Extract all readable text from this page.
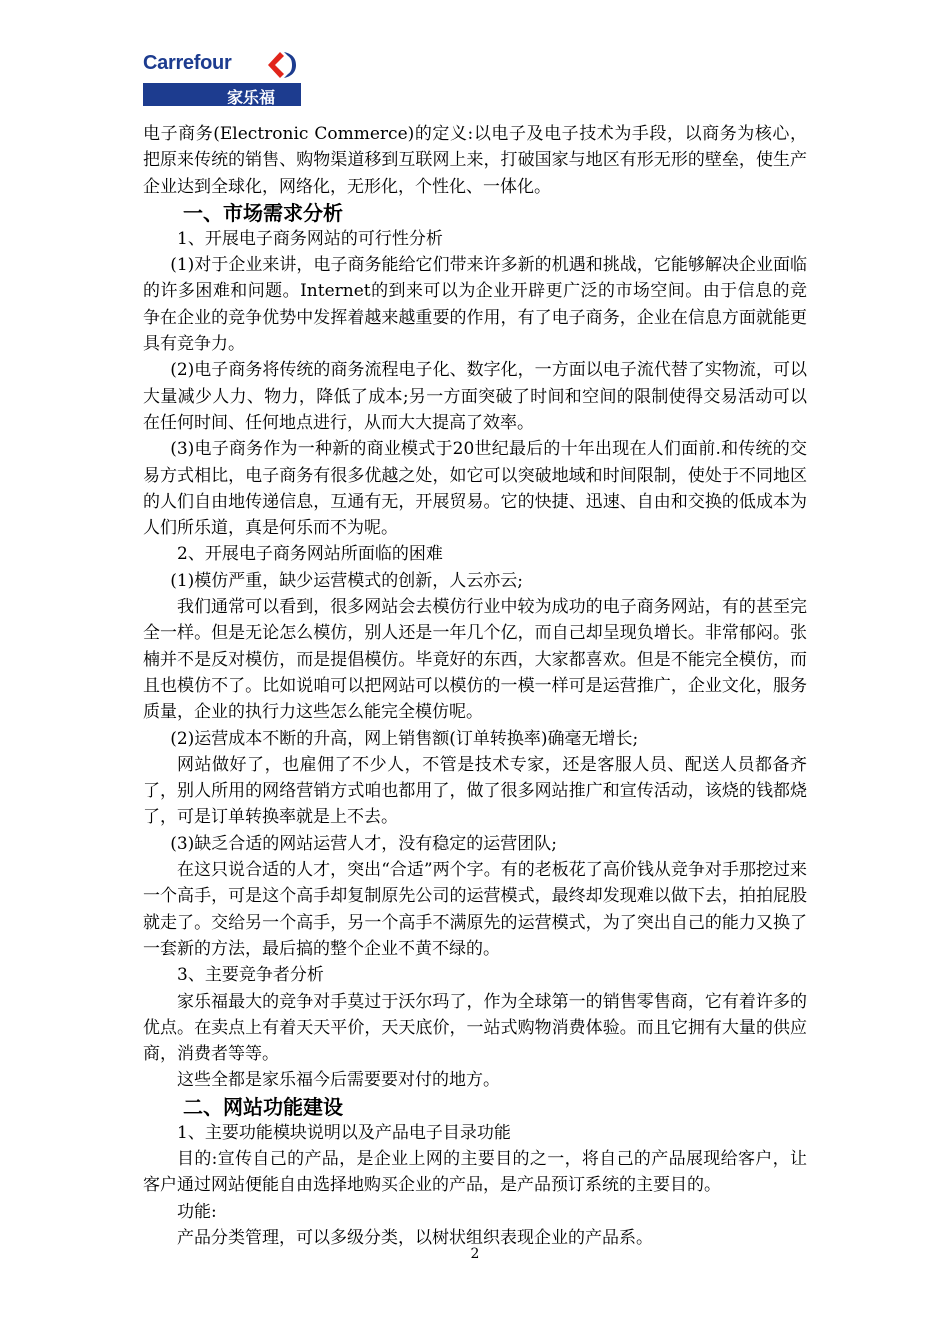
Carrefour
家乐福

电子商务(Electronic Commerce)的定义:以电子及电子技术为手段，以商务为核心，把原来传统的销售、购物渠道移到互联网上来，打破国家与地区有形无形的壁垒，使生产企业达到全球化，网络化，无形化，个性化、一体化。

一、市场需求分析

1、开展电子商务网站的可行性分析

(1)对于企业来讲，电子商务能给它们带来许多新的机遇和挑战，它能够解决企业面临的许多困难和问题。Internet的到来可以为企业开辟更广泛的市场空间。由于信息的竞争在企业的竞争优势中发挥着越来越重要的作用，有了电子商务，企业在信息方面就能更具有竞争力。

(2)电子商务将传统的商务流程电子化、数字化，一方面以电子流代替了实物流，可以大量减少人力、物力，降低了成本;另一方面突破了时间和空间的限制使得交易活动可以在任何时间、任何地点进行，从而大大提高了效率。

(3)电子商务作为一种新的商业模式于20世纪最后的十年出现在人们面前.和传统的交易方式相比，电子商务有很多优越之处，如它可以突破地域和时间限制，使处于不同地区的人们自由地传递信息，互通有无，开展贸易。它的快捷、迅速、自由和交换的低成本为人们所乐道，真是何乐而不为呢。

2、开展电子商务网站所面临的困难

(1)模仿严重，缺少运营模式的创新，人云亦云;

我们通常可以看到，很多网站会去模仿行业中较为成功的电子商务网站，有的甚至完全一样。但是无论怎么模仿，别人还是一年几个亿，而自己却呈现负增长。非常郁闷。张楠并不是反对模仿，而是提倡模仿。毕竟好的东西，大家都喜欢。但是不能完全模仿，而且也模仿不了。比如说咱可以把网站可以模仿的一模一样可是运营推广，企业文化，服务质量，企业的执行力这些怎么能完全模仿呢。

(2)运营成本不断的升高，网上销售额(订单转换率)确毫无增长;

网站做好了，也雇佣了不少人，不管是技术专家，还是客服人员、配送人员都备齐了，别人所用的网络营销方式咱也都用了，做了很多网站推广和宣传活动，该烧的钱都烧了，可是订单转换率就是上不去。

(3)缺乏合适的网站运营人才，没有稳定的运营团队;

在这只说合适的人才，突出“合适”两个字。有的老板花了高价钱从竞争对手那挖过来一个高手，可是这个高手却复制原先公司的运营模式，最终却发现难以做下去，拍拍屁股就走了。交给另一个高手，另一个高手不满原先的运营模式，为了突出自己的能力又换了一套新的方法，最后搞的整个企业不黄不绿的。

3、主要竞争者分析

家乐福最大的竞争对手莫过于沃尔玛了，作为全球第一的销售零售商，它有着许多的优点。在卖点上有着天天平价，天天底价，一站式购物消费体验。而且它拥有大量的供应商，消费者等等。

这些全都是家乐福今后需要要对付的地方。

二、网站功能建设

1、主要功能模块说明以及产品电子目录功能

目的:宣传自己的产品，是企业上网的主要目的之一，将自己的产品展现给客户，让客户通过网站便能自由选择地购买企业的产品，是产品预订系统的主要目的。

功能:

产品分类管理，可以多级分类，以树状组织表现企业的产品系。

2
